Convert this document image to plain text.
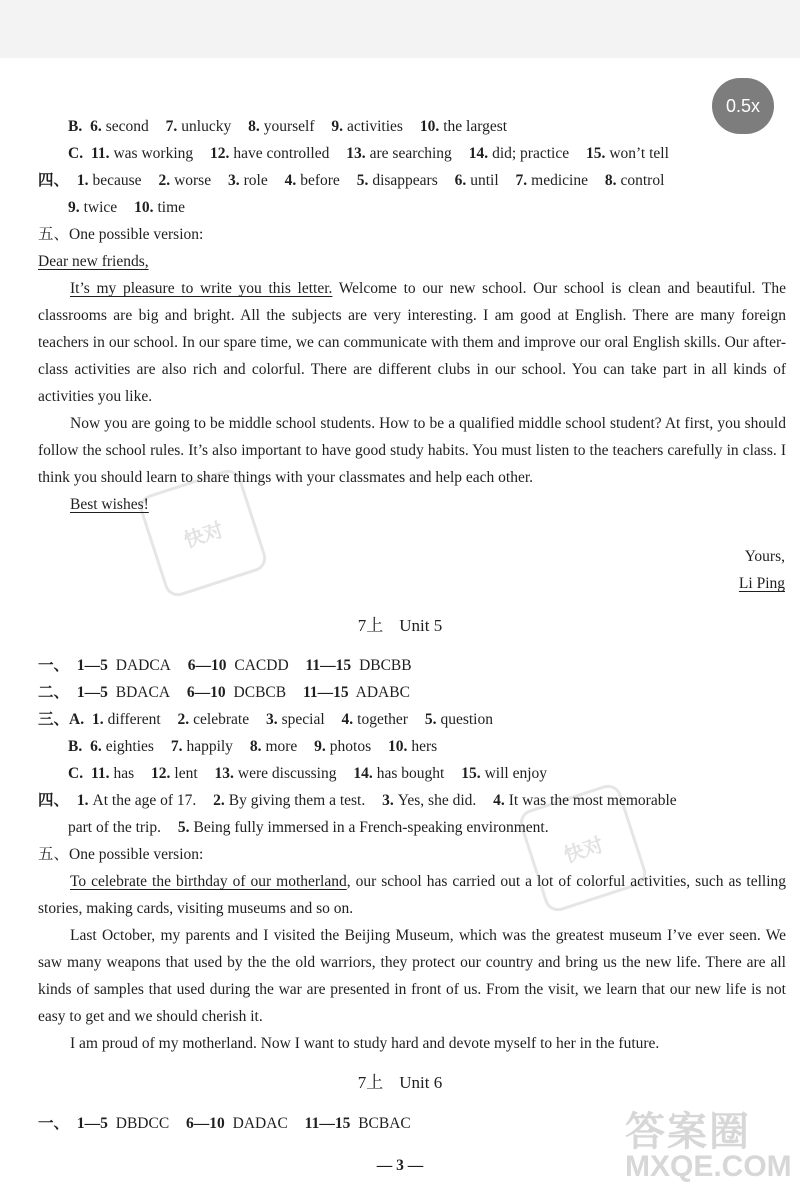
0.5x
快对
快对
答案圈
MXQE.COM
B. 6. second 7. unlucky 8. yourself 9. activities 10. the largest
C. 11. was working 12. have controlled 13. are searching 14. did; practice 15. won’t tell
四、 1. because 2. worse 3. role 4. before 5. disappears 6. until 7. medicine 8. control
9. twice 10. time
五、One possible version:
Dear new friends,

It’s my pleasure to write you this letter. Welcome to our new school. Our school is clean and beautiful. The classrooms are big and bright. All the subjects are very interesting. I am good at English. There are many foreign teachers in our school. In our spare time, we can communicate with them and improve our oral English skills. Our after-class activities are also rich and colorful. There are different clubs in our school. You can take part in all kinds of activities you like.

Now you are going to be middle school students. How to be a qualified middle school student? At first, you should follow the school rules. It’s also important to have good study habits. You must listen to the teachers carefully in class. I think you should learn to share things with your classmates and help each other.

Best wishes!

Yours,
Li Ping
7上 Unit 5
一、 1—5 DADCA 6—10 CACDD 11—15 DBCBB
二、 1—5 BDACA 6—10 DCBCB 11—15 ADABC
三、A. 1. different 2. celebrate 3. special 4. together 5. question
B. 6. eighties 7. happily 8. more 9. photos 10. hers
C. 11. has 12. lent 13. were discussing 14. has bought 15. will enjoy
四、 1. At the age of 17. 2. By giving them a test. 3. Yes, she did. 4. It was the most memorable
part of the trip. 5. Being fully immersed in a French-speaking environment.
五、One possible version:

To celebrate the birthday of our motherland, our school has carried out a lot of colorful activities, such as telling stories, making cards, visiting museums and so on.

Last October, my parents and I visited the Beijing Museum, which was the greatest museum I’ve ever seen. We saw many weapons that used by the the old warriors, they protect our country and bring us the new life. There are all kinds of samples that used during the war are presented in front of us. From the visit, we learn that our new life is not easy to get and we should cherish it.

I am proud of my motherland. Now I want to study hard and devote myself to her in the future.

7上 Unit 6
一、 1—5 DBDCC 6—10 DADAC 11—15 BCBAC
— 3 —
